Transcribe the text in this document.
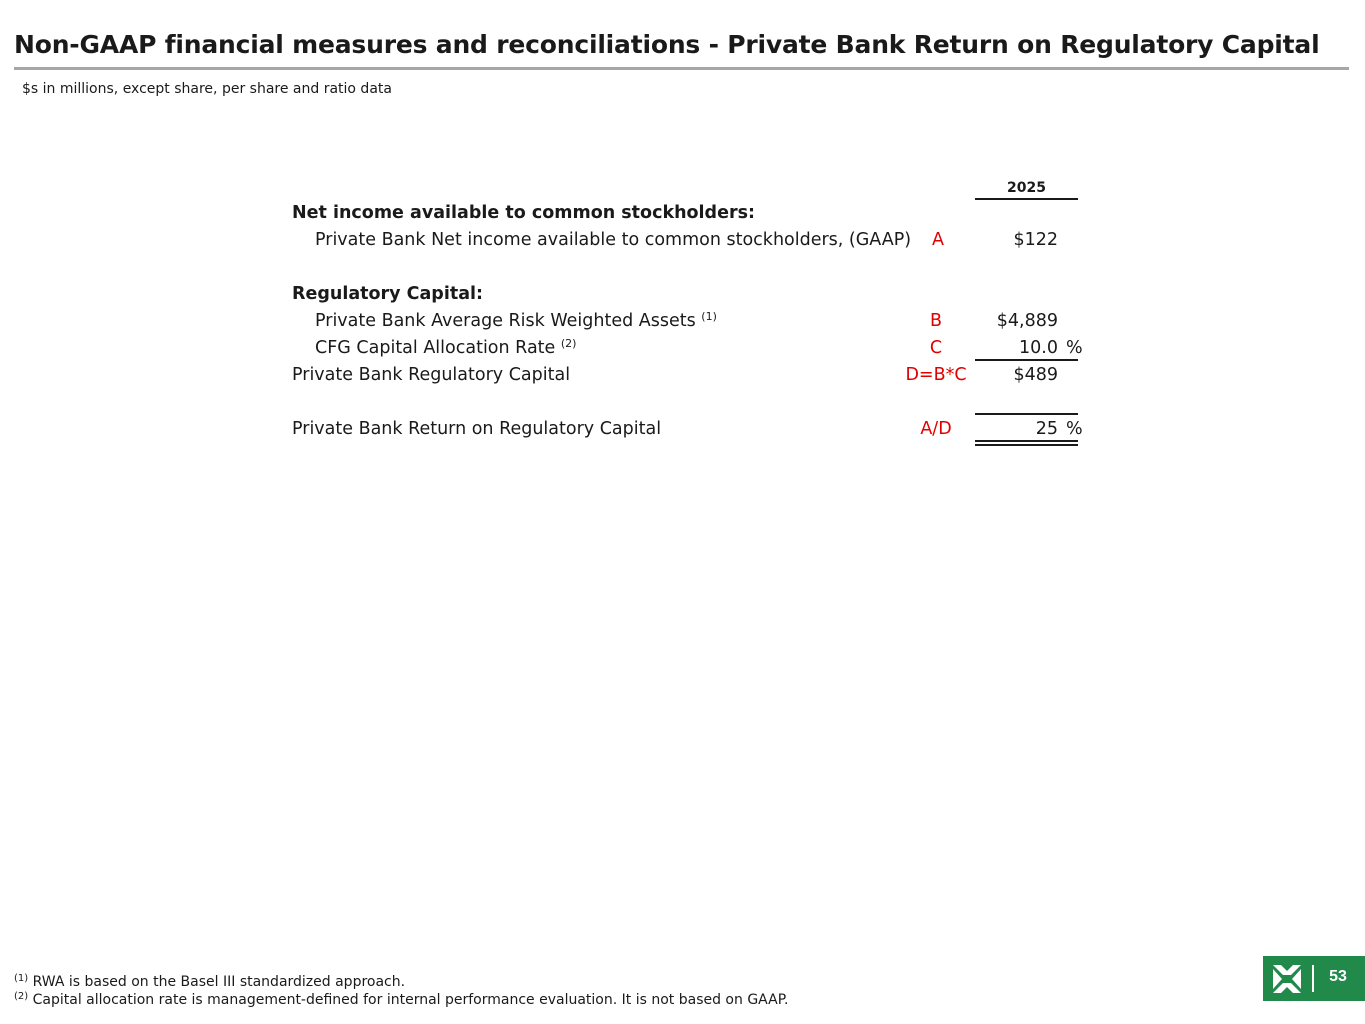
Non-GAAP financial measures and reconciliations - Private Bank Return on Regulatory Capital
$s in millions, except share, per share and ratio data
2025
Net income available to common stockholders:
Private Bank Net income available to common stockholders, (GAAP)	A	$122
Regulatory Capital:
Private Bank Average Risk Weighted Assets $^{(1)}$	B	$4,889
CFG Capital Allocation Rate $^{(2)}$	C	10.0 %
Private Bank Regulatory Capital	D=B*C	$489
Private Bank Return on Regulatory Capital	A/D	25 %
$^{(1)}$ RWA is based on the Basel III standardized approach.
$^{(2)}$ Capital allocation rate is management-defined for internal performance evaluation. It is not based on GAAP.
53
